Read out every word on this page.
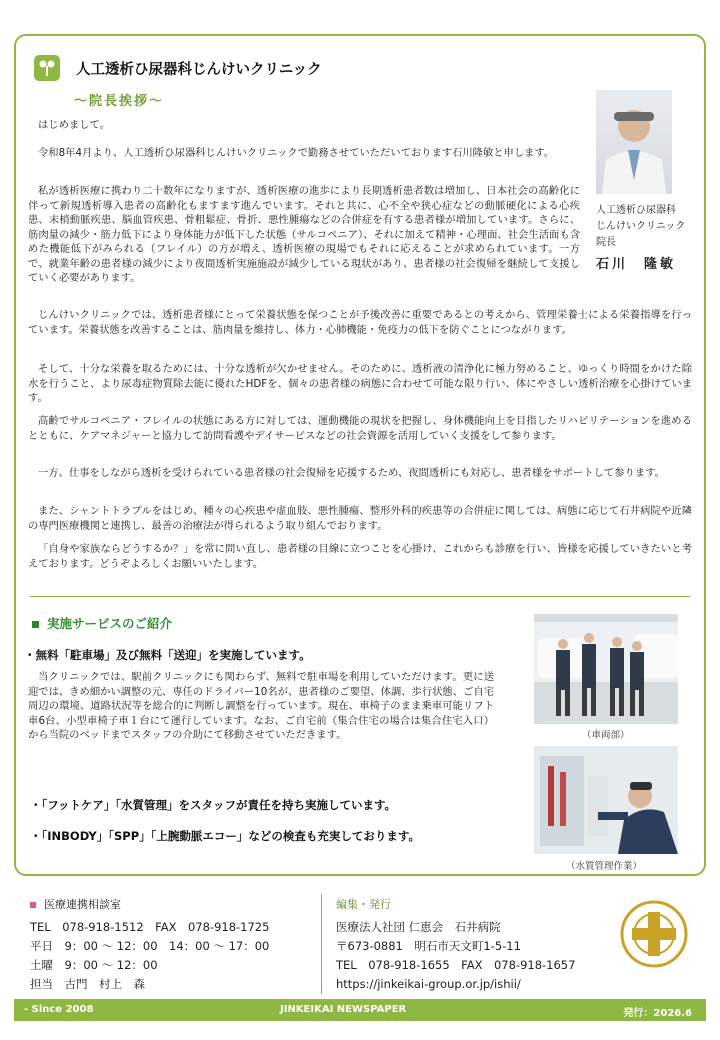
人工透析ひ尿器科じんけいクリニック
～院長挨拶～
人工透析ひ尿器科
じんけいクリニック
院長
石川　隆敏
はじめまして。
令和8年4月より、人工透析ひ尿器科じんけいクリニックで勤務させていただいております石川隆敏と申します。
私が透析医療に携わり二十数年になりますが、透析医療の進歩により長期透析患者数は増加し、日本社会の高齢化に伴って新規透析導入患者の高齢化もますます進んでいます。それと共に、心不全や狭心症などの動脈硬化による心疾患、末梢動脈疾患、脳血管疾患、骨粗鬆症、骨折、悪性腫瘍などの合併症を有する患者様が増加しています。さらに、筋肉量の減少・筋力低下により身体能力が低下した状態（サルコペニア）、それに加えて精神・心理面、社会生活面も含めた機能低下がみられる（フレイル）の方が増え、透析医療の現場でもそれに応えることが求められています。一方で、就業年齢の患者様の減少により夜間透析実施施設が減少している現状があり、患者様の社会復帰を継続して支援していく必要があります。
じんけいクリニックでは、透析患者様にとって栄養状態を保つことが予後改善に重要であるとの考えから、管理栄養士による栄養指導を行っています。栄養状態を改善することは、筋肉量を維持し、体力・心肺機能・免疫力の低下を防ぐことにつながります。
そして、十分な栄養を取るためには、十分な透析が欠かせません。そのために、透析液の清浄化に極力努めること、ゆっくり時間をかけた除水を行うこと、より尿毒症物質除去能に優れたHDFを、個々の患者様の病態に合わせて可能な限り行い、体にやさしい透析治療を心掛けています。
高齢でサルコペニア・フレイルの状態にある方に対しては、運動機能の現状を把握し、身体機能向上を目指したリハビリテーションを進めるとともに、ケアマネジャーと協力して訪問看護やデイサービスなどの社会資源を活用していく支援をして参ります。
一方、仕事をしながら透析を受けられている患者様の社会復帰を応援するため、夜間透析にも対応し、患者様をサポートして参ります。
また、シャントトラブルをはじめ、種々の心疾患や虚血肢、悪性腫瘍、整形外科的疾患等の合併症に関しては、病態に応じて石井病院や近隣の専門医療機関と連携し、最善の治療法が得られるよう取り組んでおります。
「自身や家族ならどうするか？」を常に問い直し、患者様の目線に立つことを心掛け、これからも診療を行い、皆様を応援していきたいと考えております。どうぞよろしくお願いいたします。
実施サービスのご紹介
・無料「駐車場」及び無料「送迎」を実施しています。
当クリニックでは、駅前クリニックにも関わらず、無料で駐車場を利用していただけます。更に送迎では、きめ細かい調整の元、専任のドライバー10名が、患者様のご要望、体調、歩行状態、ご自宅周辺の環境、道路状況等を総合的に判断し調整を行っています。現在、車椅子のまま乗車可能リフト車6台、小型車椅子車１台にて運行しています。なお、ご自宅前（集合住宅の場合は集合住宅入口）から当院のベッドまでスタッフの介助にて移動させていただきます。	（車両部）
（水質管理作業）
・「フットケア」「水質管理」をスタッフが責任を持ち実施しています。
・「INBODY」「SPP」「上腕動脈エコー」などの検査も充実しております。
医療連携相談室
TEL　078-918-1512　FAX　078-918-1725
平日　9：00 ～ 12：00　14：00 ～ 17：00
土曜　9：00 ～ 12：00
担当　古門　村上　森
編集・発行
医療法人社団 仁恵会　石井病院
〒673-0881　明石市天文町1-5-11
TEL　078-918-1655　FAX　078-918-1657
https://jinkeikai-group.or.jp/ishii/
- Since 2008	JINKEIKAI NEWSPAPER	発行：2026.6
